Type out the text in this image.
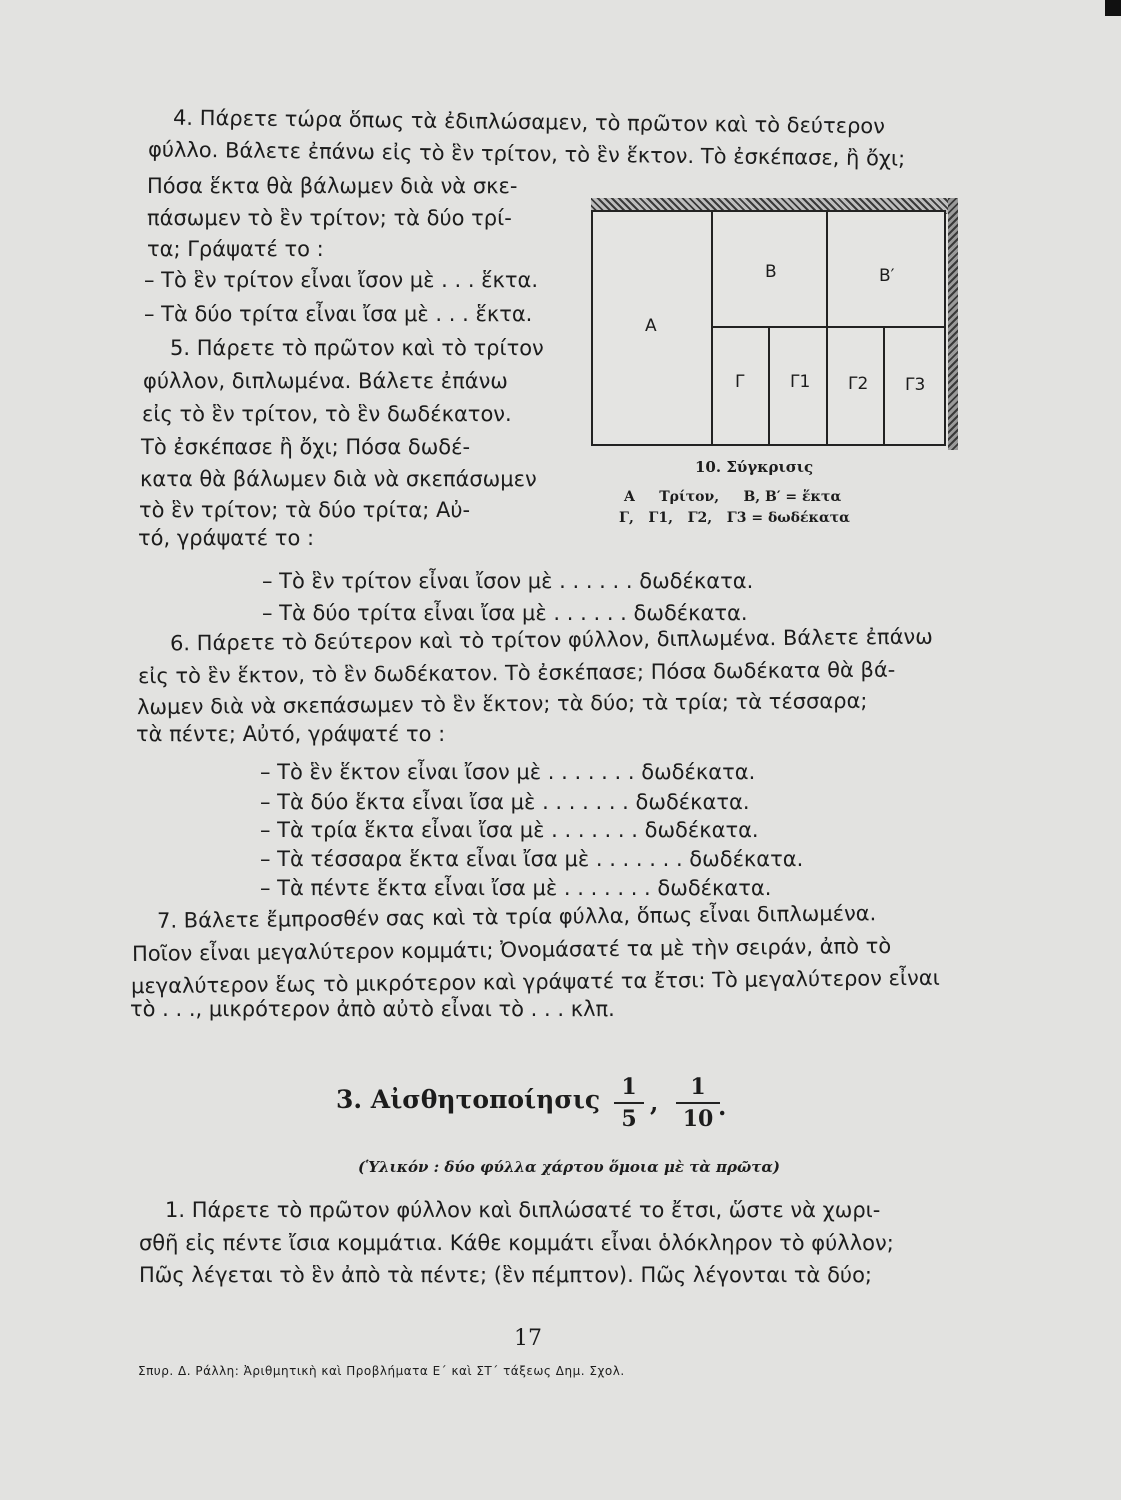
4. Πάρετε τώρα ὅπως τὰ ἐδιπλώσαμεν, τὸ πρῶτον καὶ τὸ δεύτερον
φύλλο. Βάλετε ἐπάνω εἰς τὸ ἓν τρίτον, τὸ ἓν ἕκτον. Τὸ ἐσκέπασε, ἢ ὄχι;
Πόσα ἕκτα θὰ βάλωμεν διὰ νὰ σκε-
πάσωμεν τὸ ἓν τρίτον; τὰ δύο τρί-
τα; Γράψατέ το :
– Τὸ ἓν τρίτον εἶναι ἴσον μὲ . . . ἕκτα.
– Τὰ δύο τρίτα εἶναι ἴσα μὲ . . . ἕκτα.
5. Πάρετε τὸ πρῶτον καὶ τὸ τρίτον
φύλλον, διπλωμένα. Βάλετε ἐπάνω
εἰς τὸ ἓν τρίτον, τὸ ἓν δωδέκατον.
Τὸ ἐσκέπασε ἢ ὄχι; Πόσα δωδέ-
κατα θὰ βάλωμεν διὰ νὰ σκεπάσωμεν
τὸ ἓν τρίτον; τὰ δύο τρίτα; Αὐ-
τό, γράψατέ το :
– Τὸ ἓν τρίτον εἶναι ἴσον μὲ . . . . . . δωδέκατα.
– Τὰ δύο τρίτα εἶναι ἴσα μὲ . . . . . . δωδέκατα.
6. Πάρετε τὸ δεύτερον καὶ τὸ τρίτον φύλλον, διπλωμένα. Βάλετε ἐπάνω
εἰς τὸ ἓν ἕκτον, τὸ ἓν δωδέκατον. Τὸ ἐσκέπασε; Πόσα δωδέκατα θὰ βά-
λωμεν διὰ νὰ σκεπάσωμεν τὸ ἓν ἕκτον; τὰ δύο; τὰ τρία; τὰ τέσσαρα;
τὰ πέντε; Αὐτό, γράψατέ το :
– Τὸ ἓν ἕκτον εἶναι ἴσον μὲ . . . . . . . δωδέκατα.
– Τὰ δύο ἕκτα εἶναι ἴσα μὲ . . . . . . . δωδέκατα.
– Τὰ τρία ἕκτα εἶναι ἴσα μὲ . . . . . . . δωδέκατα.
– Τὰ τέσσαρα ἕκτα εἶναι ἴσα μὲ . . . . . . . δωδέκατα.
– Τὰ πέντε ἕκτα εἶναι ἴσα μὲ . . . . . . . δωδέκατα.
7. Βάλετε ἔμπροσθέν σας καὶ τὰ τρία φύλλα, ὅπως εἶναι διπλωμένα.
Ποῖον εἶναι μεγαλύτερον κομμάτι; Ὀνομάσατέ τα μὲ τὴν σειράν, ἀπὸ τὸ
μεγαλύτερον ἕως τὸ μικρότερον καὶ γράψατέ τα ἔτσι: Τὸ μεγαλύτερον εἶναι
τὸ . . ., μικρότερον ἀπὸ αὐτὸ εἶναι τὸ . . . κλπ.
A
B	B′
Γ	Γ1 Γ2 Γ3
10. Σύγκρισις
A     Τρίτον,     B, B′ = ἕκτα
Γ,   Γ1,   Γ2,   Γ3 = δωδέκατα
3. Αἰσθητοποίησις $\frac{1}{5}$ , $\frac{1}{10}$
.
(Ὑλικόν : δύο φύλλα χάρτου ὅμοια μὲ τὰ πρῶτα)
1. Πάρετε τὸ πρῶτον φύλλον καὶ διπλώσατέ το ἔτσι, ὥστε νὰ χωρι-
σθῆ εἰς πέντε ἴσια κομμάτια. Κάθε κομμάτι εἶναι ὁλόκληρον τὸ φύλλον;
Πῶς λέγεται τὸ ἓν ἀπὸ τὰ πέντε; (ἓν πέμπτον). Πῶς λέγονται τὰ δύο;
17
Σπυρ. Δ. Ράλλη: Ἀριθμητικὴ καὶ Προβλήματα Ε΄ καὶ ΣΤ΄ τάξεως Δημ. Σχολ.
